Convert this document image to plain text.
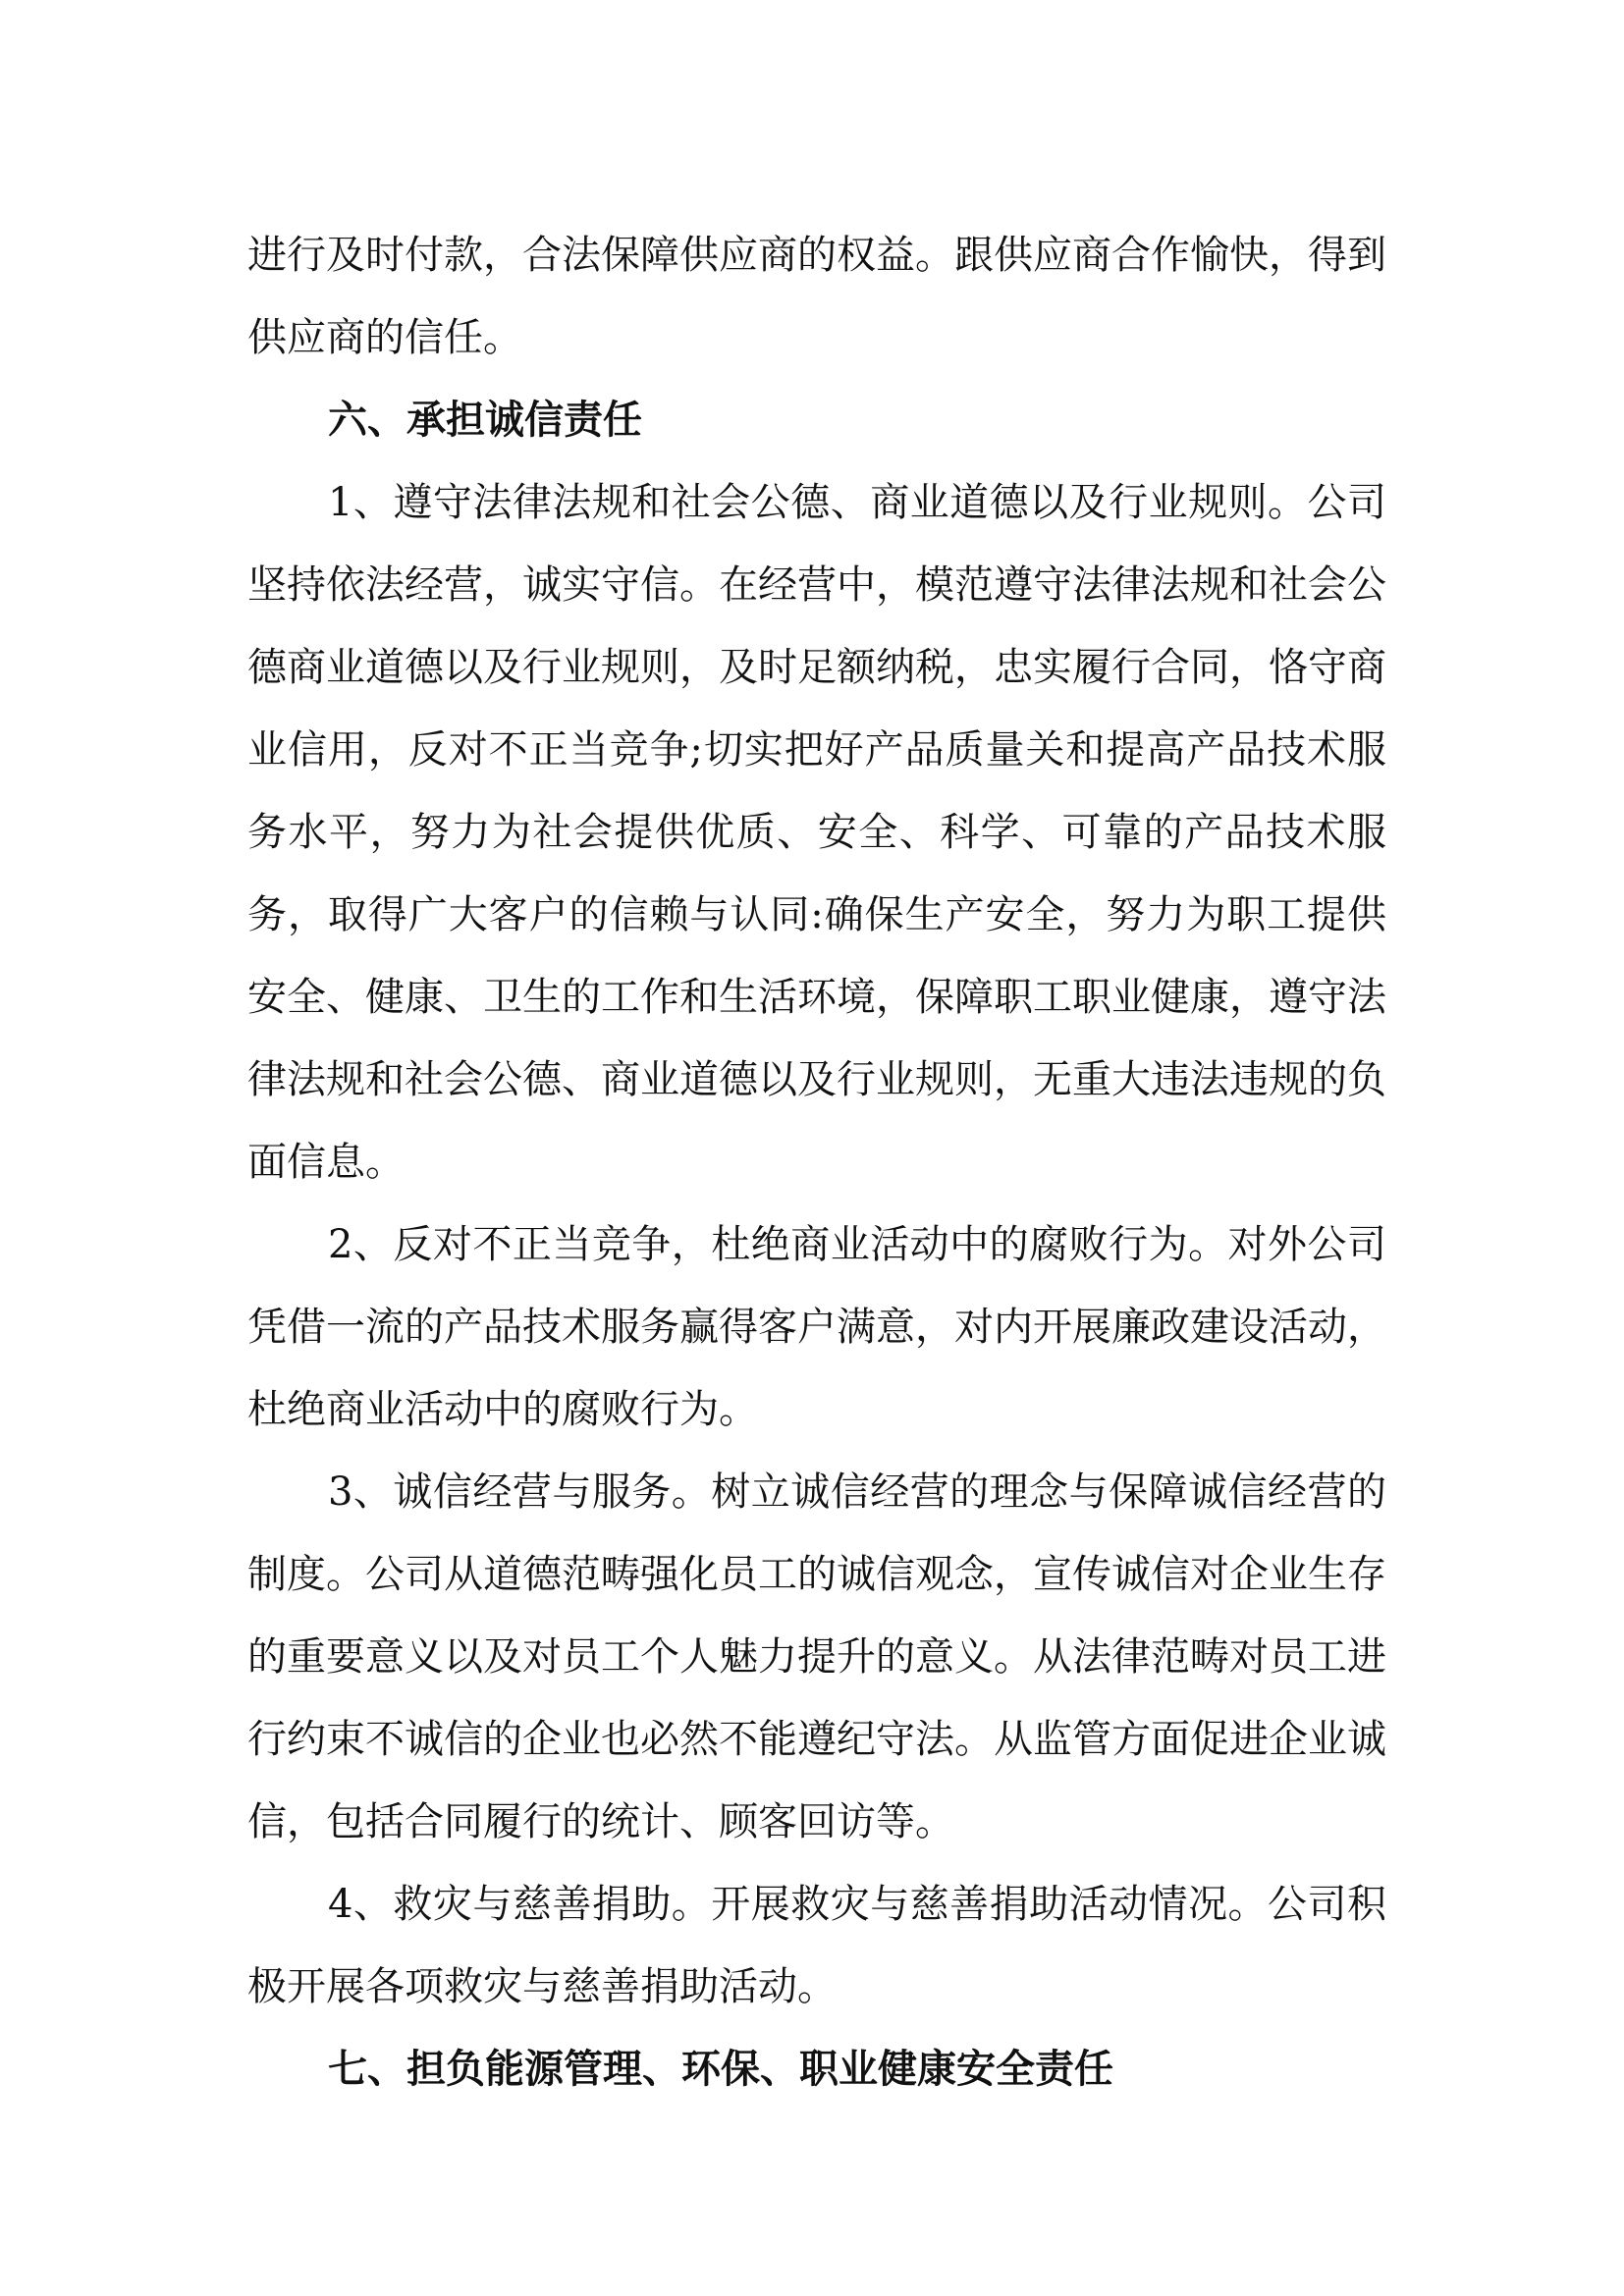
进行及时付款，合法保障供应商的权益。跟供应商合作愉快，得到供应商的信任。

六、承担诚信责任

1、遵守法律法规和社会公德、商业道德以及行业规则。公司坚持依法经营，诚实守信。在经营中，模范遵守法律法规和社会公德商业道德以及行业规则，及时足额纳税，忠实履行合同，恪守商业信用，反对不正当竞争;切实把好产品质量关和提高产品技术服务水平，努力为社会提供优质、安全、科学、可靠的产品技术服务，取得广大客户的信赖与认同:确保生产安全，努力为职工提供安全、健康、卫生的工作和生活环境，保障职工职业健康，遵守法律法规和社会公德、商业道德以及行业规则，无重大违法违规的负面信息。

2、反对不正当竞争，杜绝商业活动中的腐败行为。对外公司凭借一流的产品技术服务赢得客户满意，对内开展廉政建设活动，杜绝商业活动中的腐败行为。

3、诚信经营与服务。树立诚信经营的理念与保障诚信经营的制度。公司从道德范畴强化员工的诚信观念，宣传诚信对企业生存的重要意义以及对员工个人魅力提升的意义。从法律范畴对员工进行约束不诚信的企业也必然不能遵纪守法。从监管方面促进企业诚信，包括合同履行的统计、顾客回访等。

4、救灾与慈善捐助。开展救灾与慈善捐助活动情况。公司积极开展各项救灾与慈善捐助活动。

七、担负能源管理、环保、职业健康安全责任
